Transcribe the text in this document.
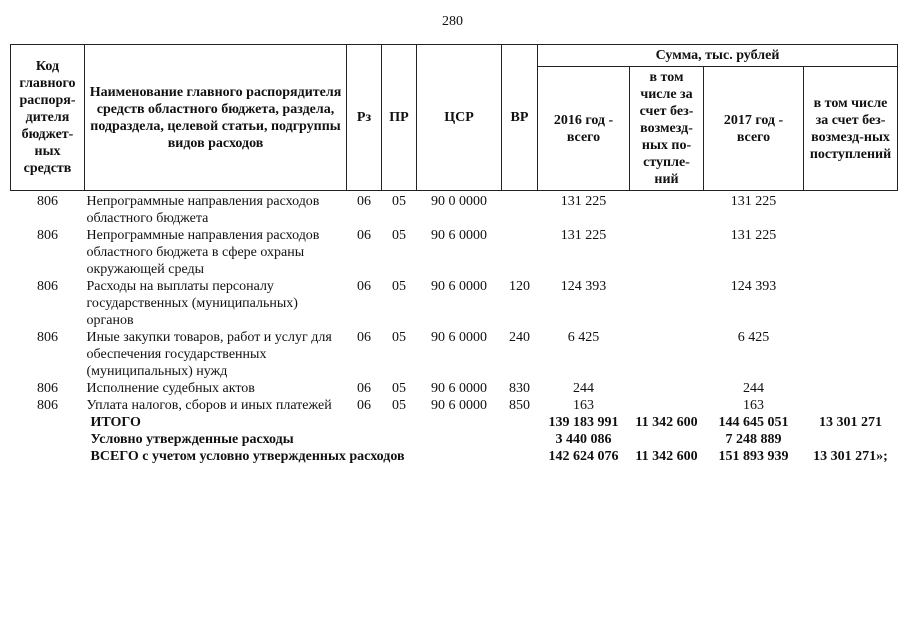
280
Код главного распоря-дителя бюджет-ных средств	Наименование главного распорядителя средств областного бюджета, раздела, подраздела, целевой статьи, подгруппы видов расходов	Рз	ПР	ЦСР	ВР	Сумма, тыс. рублей			
						2016 год - всего	в том числе за счет без-возмезд-ных по-ступле-ний	2017 год - всего	в том числе за счет без-возмезд-ных поступлений
806	Непрограммные направления расходов областного бюджета	06	05	90 0 0000		131 225		131 225	
806	Непрограммные направления расходов областного бюджета в сфере охраны окружающей среды	06	05	90 6 0000		131 225		131 225	
806	Расходы на выплаты персоналу государственных (муниципальных) органов	06	05	90 6 0000	120	124 393		124 393	
806	Иные закупки товаров, работ и услуг для обеспечения государственных (муниципальных) нужд	06	05	90 6 0000	240	6 425		6 425	
806	Исполнение судебных актов	06	05	90 6 0000	830	244		244	
806	Уплата налогов, сборов и иных платежей	06	05	90 6 0000	850	163		163	
	ИТОГО					139 183 991	11 342 600	144 645 051	13 301 271
	Условно утвержденные расходы					3 440 086		7 248 889	
	ВСЕГО с учетом условно утвержденных расходов					142 624 076	11 342 600	151 893 939	13 301 271»;
